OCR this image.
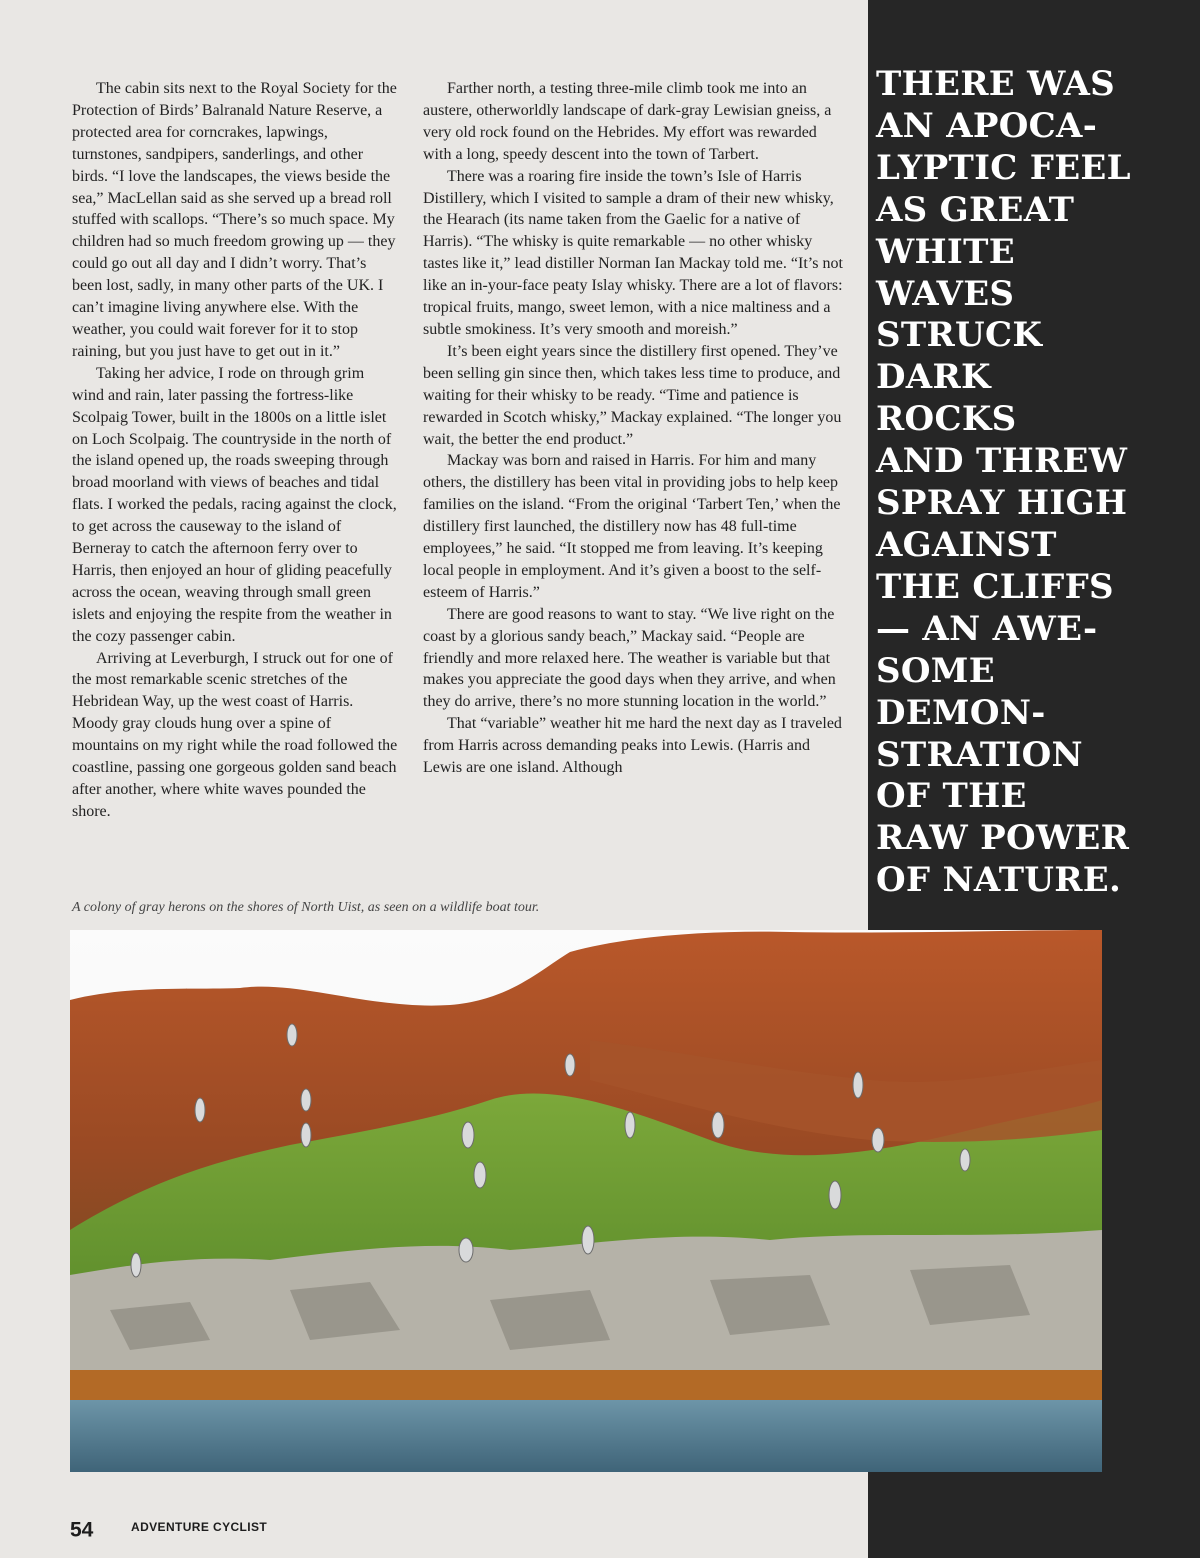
THERE WAS
AN APOCA-
LYPTIC FEEL
AS GREAT
WHITE
WAVES
STRUCK
DARK
ROCKS
AND THREW
SPRAY HIGH
AGAINST
THE CLIFFS
— AN AWE-
SOME
DEMON-
STRATION
OF THE
RAW POWER
OF NATURE.

The cabin sits next to the Royal Society for the Protection of Birds’ Balranald Nature Reserve, a protected area for corncrakes, lapwings, turnstones, sandpipers, sanderlings, and other birds. “I love the landscapes, the views beside the sea,” MacLellan said as she served up a bread roll stuffed with scallops. “There’s so much space. My children had so much freedom growing up — they could go out all day and I didn’t worry. That’s been lost, sadly, in many other parts of the UK. I can’t imagine living anywhere else. With the weather, you could wait forever for it to stop raining, but you just have to get out in it.”

Taking her advice, I rode on through grim wind and rain, later passing the fortress-like Scolpaig Tower, built in the 1800s on a little islet on Loch Scolpaig. The countryside in the north of the island opened up, the roads sweeping through broad moorland with views of beaches and tidal flats. I worked the pedals, racing against the clock, to get across the causeway to the island of Berneray to catch the afternoon ferry over to Harris, then enjoyed an hour of gliding peacefully across the ocean, weaving through small green islets and enjoying the respite from the weather in the cozy passenger cabin.

Arriving at Leverburgh, I struck out for one of the most remarkable scenic stretches of the Hebridean Way, up the west coast of Harris. Moody gray clouds hung over a spine of mountains on my right while the road followed the coastline, passing one gorgeous golden sand beach after another, where white waves pounded the shore.

Farther north, a testing three-mile climb took me into an austere, otherworldly landscape of dark-gray Lewisian gneiss, a very old rock found on the Hebrides. My effort was rewarded with a long, speedy descent into the town of Tarbert.

There was a roaring fire inside the town’s Isle of Harris Distillery, which I visited to sample a dram of their new whisky, the Hearach (its name taken from the Gaelic for a native of Harris). “The whisky is quite remarkable — no other whisky tastes like it,” lead distiller Norman Ian Mackay told me. “It’s not like an in-your-face peaty Islay whisky. There are a lot of flavors: tropical fruits, mango, sweet lemon, with a nice maltiness and a subtle smokiness. It’s very smooth and moreish.”

It’s been eight years since the distillery first opened. They’ve been selling gin since then, which takes less time to produce, and waiting for their whisky to be ready. “Time and patience is rewarded in Scotch whisky,” Mackay explained. “The longer you wait, the better the end product.”

Mackay was born and raised in Harris. For him and many others, the distillery has been vital in providing jobs to help keep families on the island. “From the original ‘Tarbert Ten,’ when the distillery first launched, the distillery now has 48 full-time employees,” he said. “It stopped me from leaving. It’s keeping local people in employment. And it’s given a boost to the self-esteem of Harris.”

There are good reasons to want to stay. “We live right on the coast by a glorious sandy beach,” Mackay said. “People are friendly and more relaxed here. The weather is variable but that makes you appreciate the good days when they arrive, and when they do arrive, there’s no more stunning location in the world.”

That “variable” weather hit me hard the next day as I traveled from Harris across demanding peaks into Lewis. (Harris and Lewis are one island. Although

A colony of gray herons on the shores of North Uist, as seen on a wildlife boat tour.

54	ADVENTURE CYCLIST
